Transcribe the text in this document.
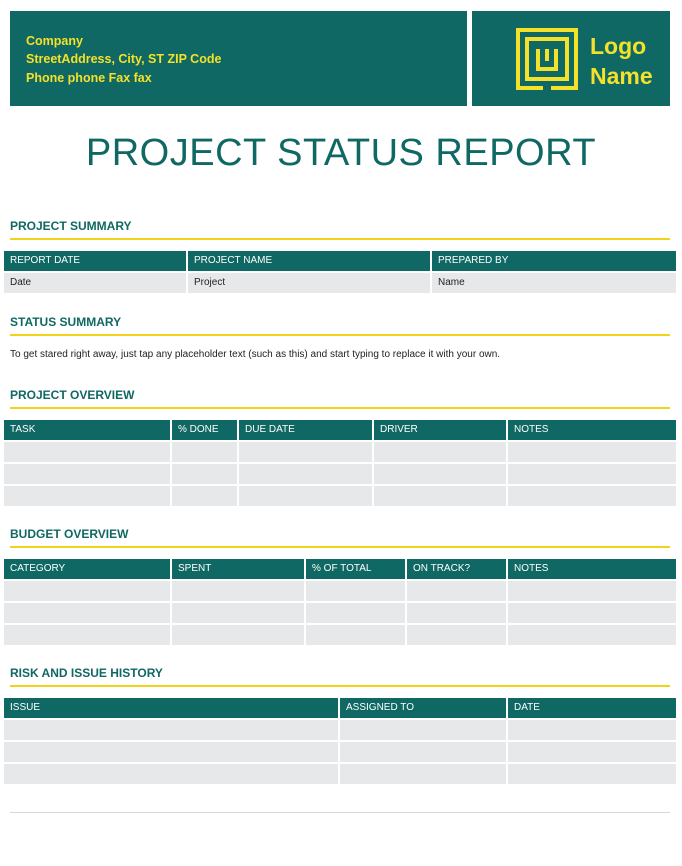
Company
StreetAddress, City, ST ZIP Code
Phone phone Fax fax
Logo
Name
PROJECT STATUS REPORT
PROJECT SUMMARY
REPORT DATE	PROJECT NAME	PREPARED BY
Date	Project	Name
STATUS SUMMARY

To get stared right away, just tap any placeholder text (such as this) and start typing to replace it with your own.

PROJECT OVERVIEW
TASK	% DONE	DUE DATE	DRIVER	NOTES
BUDGET OVERVIEW
CATEGORY	SPENT	% OF TOTAL	ON TRACK?	NOTES
RISK AND ISSUE HISTORY
ISSUE	ASSIGNED TO	DATE
